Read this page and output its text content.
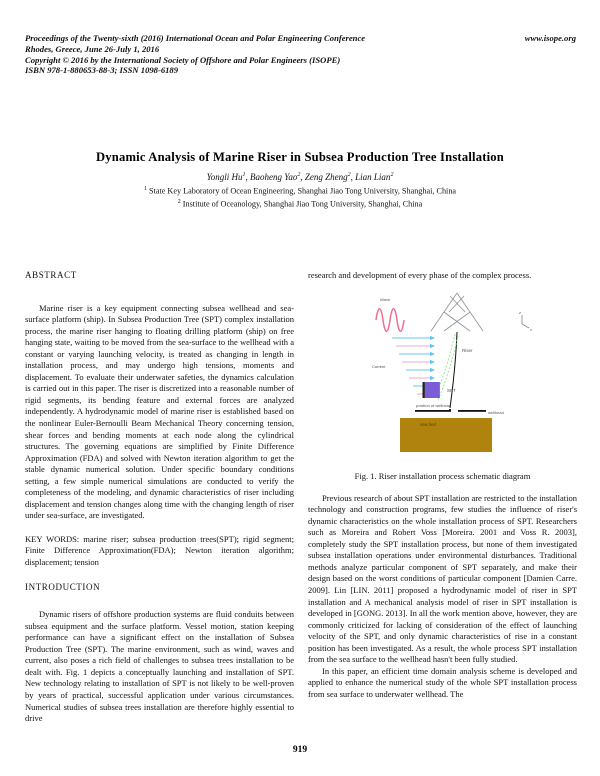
Proceedings of the Twenty-sixth (2016) International Ocean and Polar Engineering Conference
Rhodes, Greece, June 26-July 1, 2016
Copyright © 2016 by the International Society of Offshore and Polar Engineers (ISOPE)
ISBN 978-1-880653-88-3; ISSN 1098-6189
www.isope.org
Dynamic Analysis of Marine Riser in Subsea Production Tree Installation
Yongli Hu$^1$, Baoheng Yao$^2$, Zeng Zheng$^2$, Lian Lian$^2$
$^1$ State Key Laboratory of Ocean Engineering, Shanghai Jiao Tong University, Shanghai, China
$^2$ Institute of Oceanology, Shanghai Jiao Tong University, Shanghai, China

ABSTRACT

Marine riser is a key equipment connecting subsea wellhead and sea-surface platform (ship). In Subsea Production Tree (SPT) complex installation process, the marine riser hanging to floating drilling platform (ship) on free hanging state, waiting to be moved from the sea-surface to the wellhead with a constant or varying launching velocity, is treated as changing in length in installation process, and may undergo high tensions, moments and displacement. To evaluate their underwater safeties, the dynamics calculation is carried out in this paper. The riser is discretized into a reasonable number of rigid segments, its bending feature and external forces are analyzed independently. A hydrodynamic model of marine riser is established based on the nonlinear Euler-Bernoulli Beam Mechanical Theory concerning tension, shear forces and bending moments at each node along the cylindrical structures. The governing equations are simplified by Finite Difference Approximation (FDA) and solved with Newton iteration algorithm to get the stable dynamic numerical solution. Under specific boundary conditions setting, a few simple numerical simulations are conducted to verify the completeness of the modeling, and dynamic characteristics of riser including displacement and tension changes along time with the changing length of riser under sea-surface, are investigated.

KEY WORDS: marine riser; subsea production trees(SPT); rigid segment; Finite Difference Approximation(FDA); Newton iteration algorithm; displacement; tension

INTRODUCTION

Dynamic risers of offshore production systems are fluid conduits between subsea equipment and the surface platform. Vessel motion, station keeping performance can have a significant effect on the installation of Subsea Production Tree (SPT). The marine environment, such as wind, waves and current, also poses a rich field of challenges to subsea trees installation to be dealt with. Fig. 1 depicts a conceptually launching and installation of SPT. New technology relating to installation of SPT is not likely to be well-proven by years of practical, successful application under various circumstances. Numerical studies of subsea trees installation are therefore highly essential to drive

research and development of every phase of the complex process.

Wave
Current
Riser
SPT
position of wellhead
wellhead
sea bed
z
x

Fig. 1. Riser installation process schematic diagram

Previous research of about SPT installation are restricted to the installation technology and construction programs, few studies the influence of riser's dynamic characteristics on the whole installation process of SPT. Researchers such as Moreira and Robert Voss [Moreira. 2001 and Voss R. 2003], completely study the SPT installation process, but none of them investigated subsea installation operations under environmental disturbances. Traditional methods analyze particular component of SPT separately, and make their design based on the worst conditions of particular component [Damien Carre. 2009]. Lin [LIN. 2011] proposed a hydrodynamic model of riser in SPT installation and A mechanical analysis model of riser in SPT installation is developed in [GONG. 2013]. In all the work mention above, however, they are commonly criticized for lacking of consideration of the effect of launching velocity of the SPT, and only dynamic characteristics of rise in a constant position has been investigated. As a result, the whole process SPT installation from the sea surface to the wellhead hasn't been fully studied.

In this paper, an efficient time domain analysis scheme is developed and applied to enhance the numerical study of the whole SPT installation process from sea surface to underwater wellhead. The

919
